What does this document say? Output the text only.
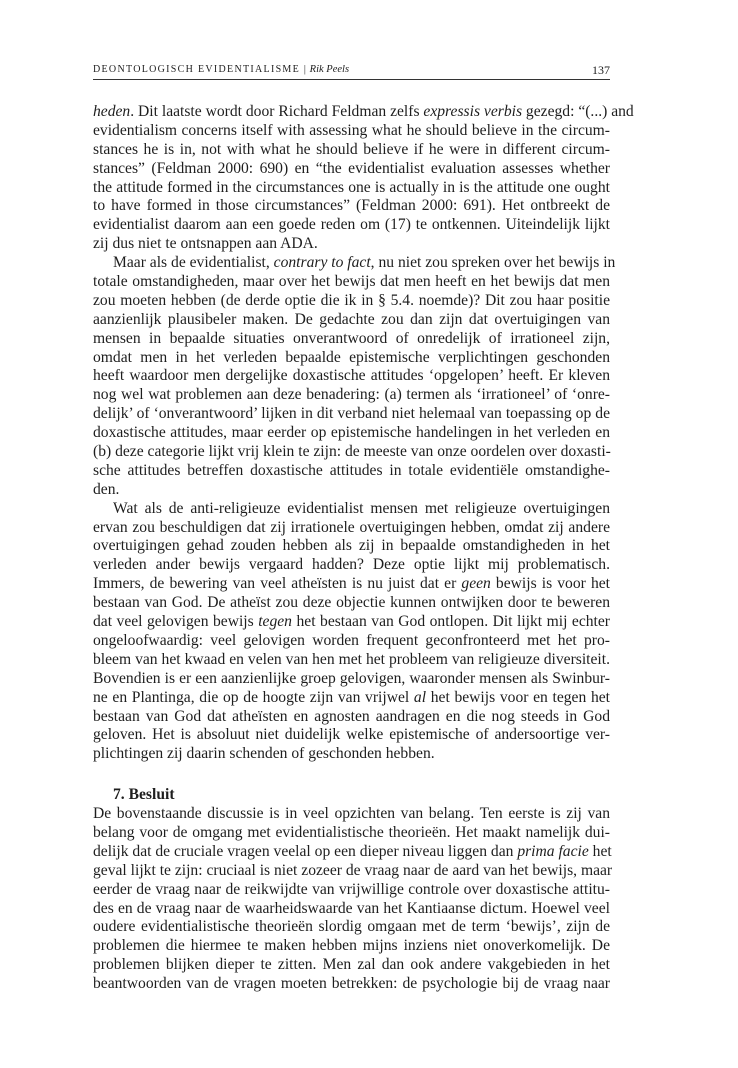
DEONTOLOGISCH EVIDENTIALISME | Rik Peels	137
heden. Dit laatste wordt door Richard Feldman zelfs expressis verbis gezegd: “(...) and
evidentialism concerns itself with assessing what he should believe in the circum-
stances he is in, not with what he should believe if he were in different circum-
stances” (Feldman 2000: 690) en “the evidentialist evaluation assesses whether
the attitude formed in the circumstances one is actually in is the attitude one ought
to have formed in those circumstances” (Feldman 2000: 691). Het ontbreekt de
evidentialist daarom aan een goede reden om (17) te ontkennen. Uiteindelijk lijkt
zij dus niet te ontsnappen aan ADA.
Maar als de evidentialist, contrary to fact, nu niet zou spreken over het bewijs in
totale omstandigheden, maar over het bewijs dat men heeft en het bewijs dat men
zou moeten hebben (de derde optie die ik in § 5.4. noemde)? Dit zou haar positie
aanzienlijk plausibeler maken. De gedachte zou dan zijn dat overtuigingen van
mensen in bepaalde situaties onverantwoord of onredelijk of irrationeel zijn,
omdat men in het verleden bepaalde epistemische verplichtingen geschonden
heeft waardoor men dergelijke doxastische attitudes ‘opgelopen’ heeft. Er kleven
nog wel wat problemen aan deze benadering: (a) termen als ‘irrationeel’ of ‘onre-
delijk’ of ‘onverantwoord’ lijken in dit verband niet helemaal van toepassing op de
doxastische attitudes, maar eerder op epistemische handelingen in het verleden en
(b) deze categorie lijkt vrij klein te zijn: de meeste van onze oordelen over doxasti-
sche attitudes betreffen doxastische attitudes in totale evidentiële omstandighe-
den.
Wat als de anti-religieuze evidentialist mensen met religieuze overtuigingen
ervan zou beschuldigen dat zij irrationele overtuigingen hebben, omdat zij andere
overtuigingen gehad zouden hebben als zij in bepaalde omstandigheden in het
verleden ander bewijs vergaard hadden? Deze optie lijkt mij problematisch.
Immers, de bewering van veel atheïsten is nu juist dat er geen bewijs is voor het
bestaan van God. De atheïst zou deze objectie kunnen ontwijken door te beweren
dat veel gelovigen bewijs tegen het bestaan van God ontlopen. Dit lijkt mij echter
ongeloofwaardig: veel gelovigen worden frequent geconfronteerd met het pro-
bleem van het kwaad en velen van hen met het probleem van religieuze diversiteit.
Bovendien is er een aanzienlijke groep gelovigen, waaronder mensen als Swinbur-
ne en Plantinga, die op de hoogte zijn van vrijwel al het bewijs voor en tegen het
bestaan van God dat atheïsten en agnosten aandragen en die nog steeds in God
geloven. Het is absoluut niet duidelijk welke epistemische of andersoortige ver-
plichtingen zij daarin schenden of geschonden hebben.
7. Besluit
De bovenstaande discussie is in veel opzichten van belang. Ten eerste is zij van
belang voor de omgang met evidentialistische theorieën. Het maakt namelijk dui-
delijk dat de cruciale vragen veelal op een dieper niveau liggen dan prima facie het
geval lijkt te zijn: cruciaal is niet zozeer de vraag naar de aard van het bewijs, maar
eerder de vraag naar de reikwijdte van vrijwillige controle over doxastische attitu-
des en de vraag naar de waarheidswaarde van het Kantiaanse dictum. Hoewel veel
oudere evidentialistische theorieën slordig omgaan met de term ‘bewijs’, zijn de
problemen die hiermee te maken hebben mijns inziens niet onoverkomelijk. De
problemen blijken dieper te zitten. Men zal dan ook andere vakgebieden in het
beantwoorden van de vragen moeten betrekken: de psychologie bij de vraag naar
